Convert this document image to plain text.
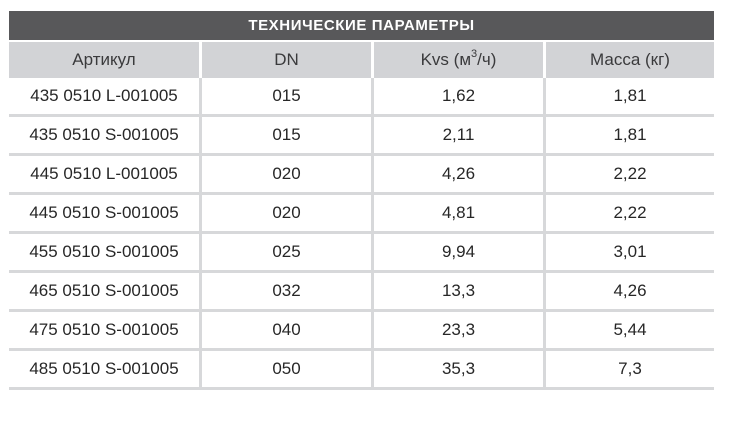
ТЕХНИЧЕСКИЕ ПАРАМЕТРЫ
Артикул	DN	Kvs ($м^3$ /ч)	Масса (кг)
435 0510 L-001005	015	1,62	1,81
435 0510 S-001005	015	2,11	1,81
445 0510 L-001005	020	4,26	2,22
445 0510 S-001005	020	4,81	2,22
455 0510 S-001005	025	9,94	3,01
465 0510 S-001005	032	13,3	4,26
475 0510 S-001005	040	23,3	5,44
485 0510 S-001005	050	35,3	7,3
